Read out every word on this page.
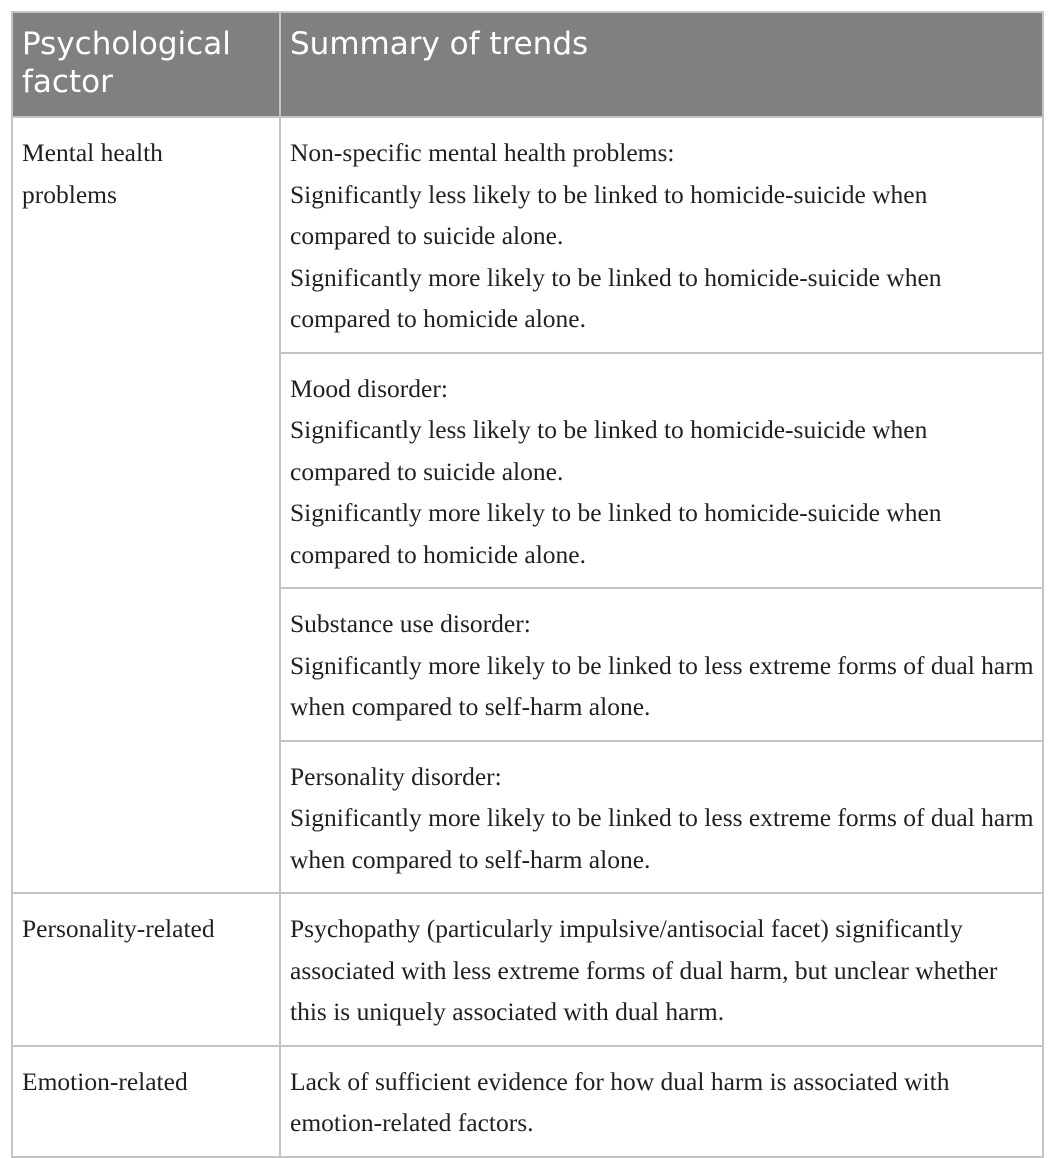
Psychological factor	Summary of trends
Mental health problems	Non-specific mental health problems:
Significantly less likely to be linked to homicide-suicide when compared to suicide alone.
Significantly more likely to be linked to homicide-suicide when compared to homicide alone.

	Mood disorder:
Significantly less likely to be linked to homicide-suicide when compared to suicide alone.
Significantly more likely to be linked to homicide-suicide when compared to homicide alone.

	Substance use disorder:
Significantly more likely to be linked to less extreme forms of dual harm when compared to self-harm alone.

	Personality disorder:
Significantly more likely to be linked to less extreme forms of dual harm when compared to self-harm alone.

Personality-related	Psychopathy (particularly impulsive/antisocial facet) significantly associated with less extreme forms of dual harm, but unclear whether this is uniquely associated with dual harm.

Emotion-related	Lack of sufficient evidence for how dual harm is associated with emotion-related factors.
